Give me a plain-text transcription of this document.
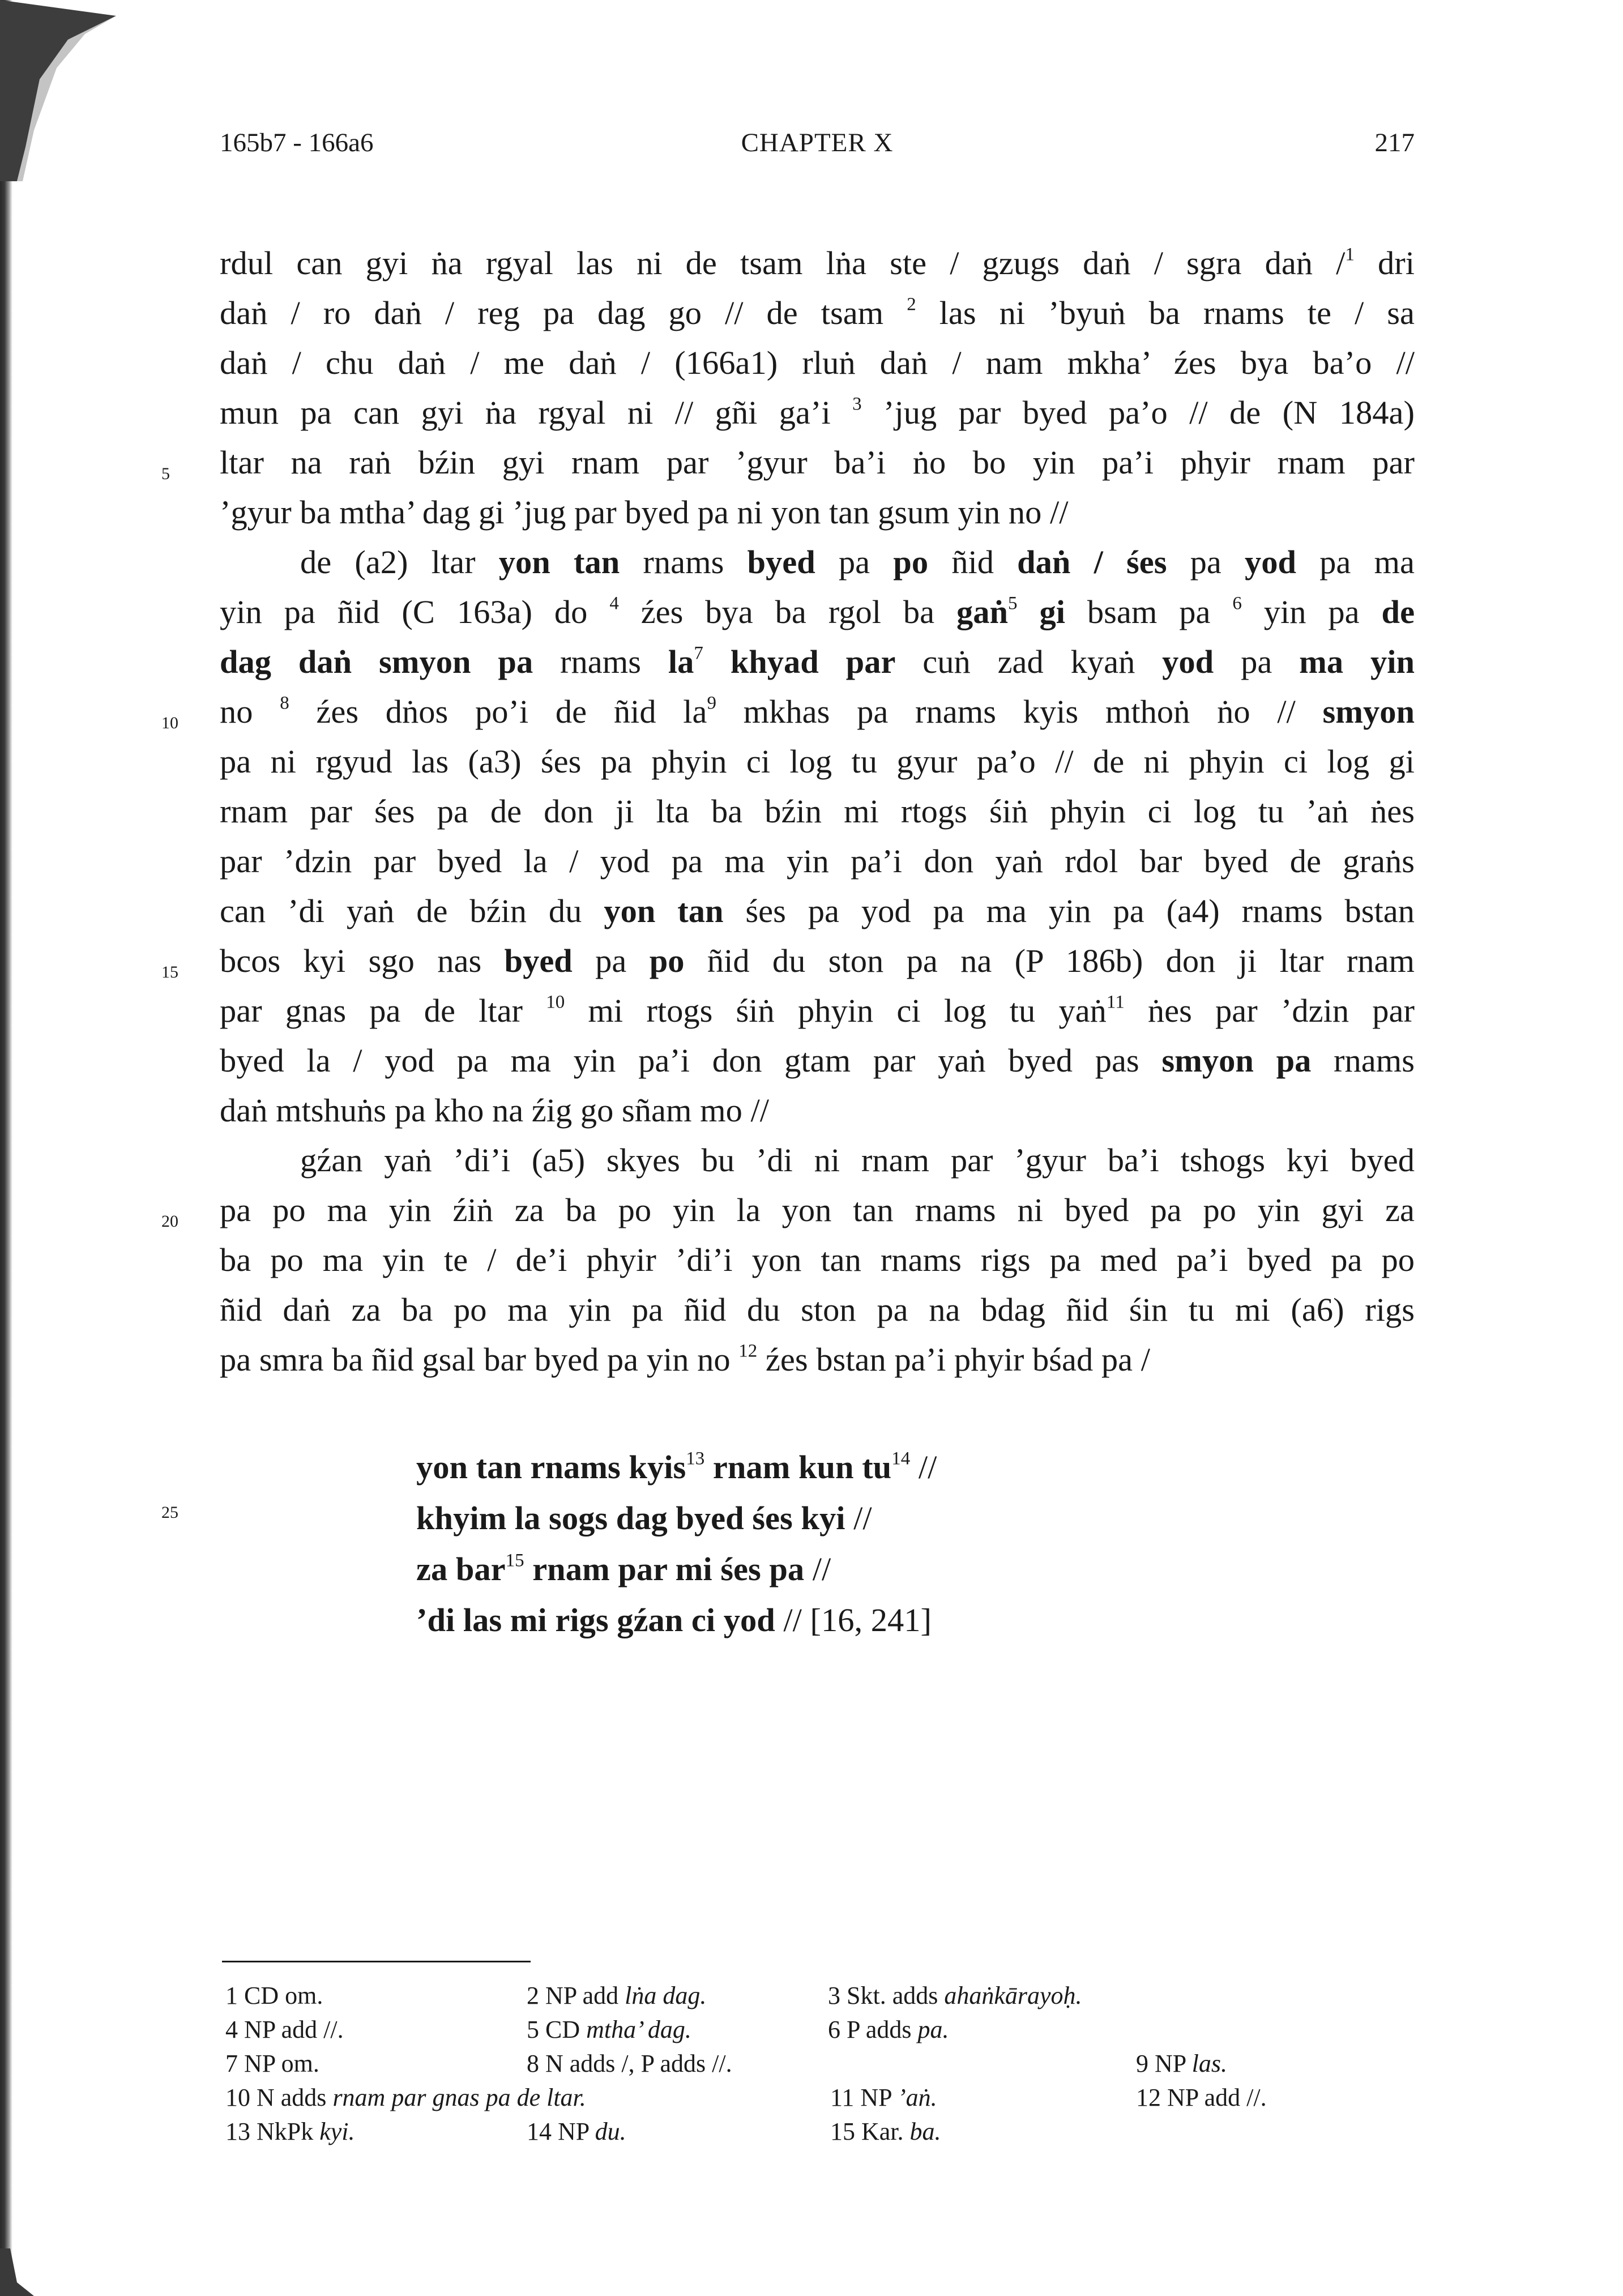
165b7 - 166a6	CHAPTER X	217
5
10
15
20
25
rdul can gyi ṅa rgyal las ni de tsam lṅa ste / gzugs daṅ / sgra daṅ /$^1$ dri
daṅ / ro daṅ / reg pa dag go // de tsam $^2$ las ni ’byuṅ ba rnams te / sa
daṅ / chu daṅ / me daṅ / (166a1) rluṅ daṅ / nam mkha’ źes bya ba’o //
mun pa can gyi ṅa rgyal ni // gñi ga’i $^3$ ’jug par byed pa’o // de (N 184a)
ltar na raṅ bźin gyi rnam par ’gyur ba’i ṅo bo yin pa’i phyir rnam par
’gyur ba mtha’ dag gi ’jug par byed pa ni yon tan gsum yin no //
de (a2) ltar yon tan rnams byed pa po ñid daṅ / śes pa yod pa ma
yin pa ñid (C 163a) do $^4$ źes bya ba rgol ba gaṅ$^5$ gi bsam pa $^6$ yin pa de
dag daṅ smyon pa rnams $la^7$ khyad par cuṅ zad kyaṅ yod pa ma yin
no $^8$ źes dṅos po’i de ñid $la^9$ mkhas pa rnams kyis mthoṅ ṅo // smyon
pa ni rgyud las (a3) śes pa phyin ci log tu gyur pa’o // de ni phyin ci log gi
rnam par śes pa de don ji lta ba bźin mi rtogs śiṅ phyin ci log tu ’aṅ ṅes
par ’dzin par byed la / yod pa ma yin pa’i don yaṅ rdol bar byed de graṅs
can ’di yaṅ de bźin du yon tan śes pa yod pa ma yin pa (a4) rnams bstan
bcos kyi sgo nas byed pa po ñid du ston pa na (P 186b) don ji ltar rnam
par gnas pa de ltar $^{10}$ mi rtogs śiṅ phyin ci log tu yaṅ$^{11}$ ṅes par ’dzin par
byed la / yod pa ma yin pa’i don gtam par yaṅ byed pas smyon pa rnams
daṅ mtshuṅs pa kho na źig go sñam mo //
gźan yaṅ ’di’i (a5) skyes bu ’di ni rnam par ’gyur ba’i tshogs kyi byed
pa po ma yin źiṅ za ba po yin la yon tan rnams ni byed pa po yin gyi za
ba po ma yin te / de’i phyir ’di’i yon tan rnams rigs pa med pa’i byed pa po
ñid daṅ za ba po ma yin pa ñid du ston pa na bdag ñid śin tu mi (a6) rigs
pa smra ba ñid gsal bar byed pa yin no $^{12}$ źes bstan pa’i phyir bśad pa /
yon tan rnams kyis$^{13}$ rnam kun $tu^{14}$ //
khyim la sogs dag byed śes kyi //
za bar$^{15}$ rnam par mi śes pa //
’di las mi rigs gźan ci yod // [16, 241]
1 CD om.	2 NP add lṅa dag.	3 Skt. adds ahaṅkārayoḥ.
4 NP add //.	5 CD mtha’ dag.	6 P adds pa.
7 NP om.	8 N adds /, P adds //.	9 NP las.
10 N adds rnam par gnas pa de ltar.	11 NP ’aṅ.	12 NP add //.
13 NkPk kyi.	14 NP du.	15 Kar. ba.
